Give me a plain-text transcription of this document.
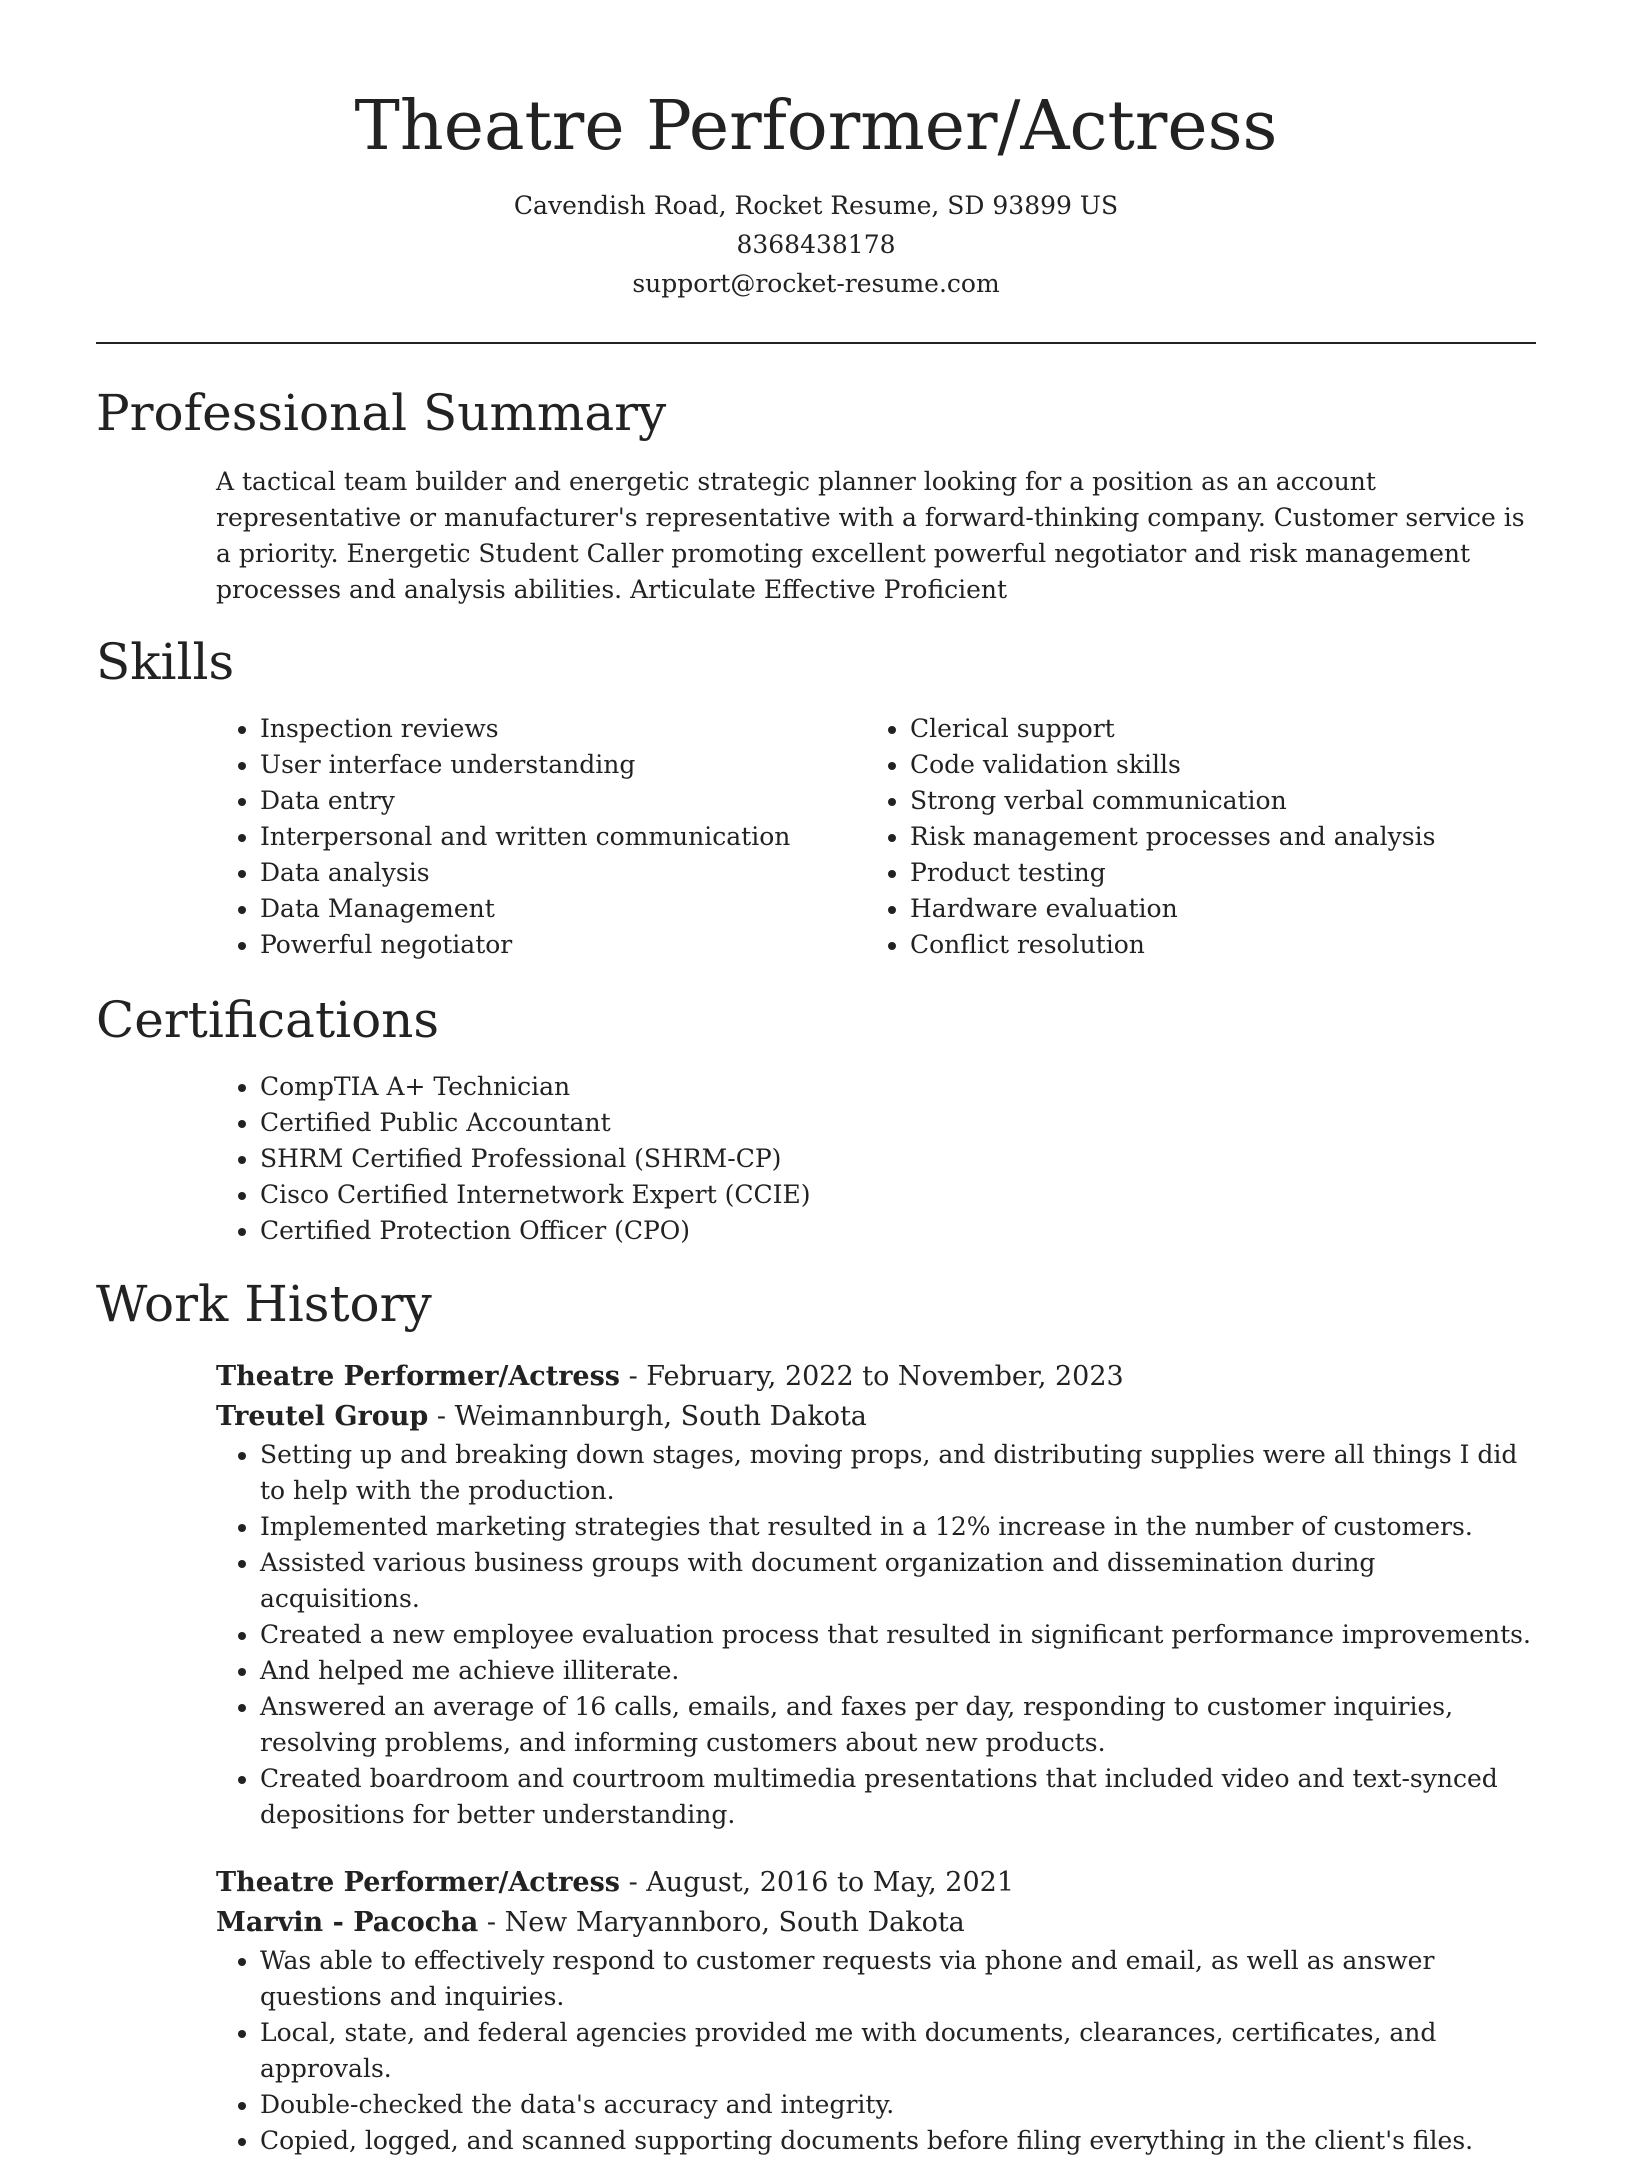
Theatre Performer/Actress
Cavendish Road, Rocket Resume, SD 93899 US
8368438178
support@rocket-resume.com
Professional Summary

A tactical team builder and energetic strategic planner looking for a position as an account representative or manufacturer's representative with a forward-thinking company. Customer service is a priority. Energetic Student Caller promoting excellent powerful negotiator and risk management processes and analysis abilities. Articulate Effective Proficient

Skills
• Inspection reviews
• User interface understanding
• Data entry
• Interpersonal and written communication
• Data analysis
• Data Management
• Powerful negotiator
• Clerical support
• Code validation skills
• Strong verbal communication
• Risk management processes and analysis
• Product testing
• Hardware evaluation
• Conflict resolution
Certifications
• CompTIA A+ Technician
• Certified Public Accountant
• SHRM Certified Professional (SHRM-CP)
• Cisco Certified Internetwork Expert (CCIE)
• Certified Protection Officer (CPO)
Work History
Theatre Performer/Actress - February, 2022 to November, 2023
Treutel Group - Weimannburgh, South Dakota
• Setting up and breaking down stages, moving props, and distributing supplies were all things I did to help with the production.
• Implemented marketing strategies that resulted in a 12% increase in the number of customers.
• Assisted various business groups with document organization and dissemination during acquisitions.
• Created a new employee evaluation process that resulted in significant performance improvements.
• And helped me achieve illiterate.
• Answered an average of 16 calls, emails, and faxes per day, responding to customer inquiries, resolving problems, and informing customers about new products.
• Created boardroom and courtroom multimedia presentations that included video and text-synced depositions for better understanding.
Theatre Performer/Actress - August, 2016 to May, 2021
Marvin - Pacocha - New Maryannboro, South Dakota
• Was able to effectively respond to customer requests via phone and email, as well as answer questions and inquiries.
• Local, state, and federal agencies provided me with documents, clearances, certificates, and approvals.
• Double-checked the data's accuracy and integrity.
• Copied, logged, and scanned supporting documents before filing everything in the client's files.
